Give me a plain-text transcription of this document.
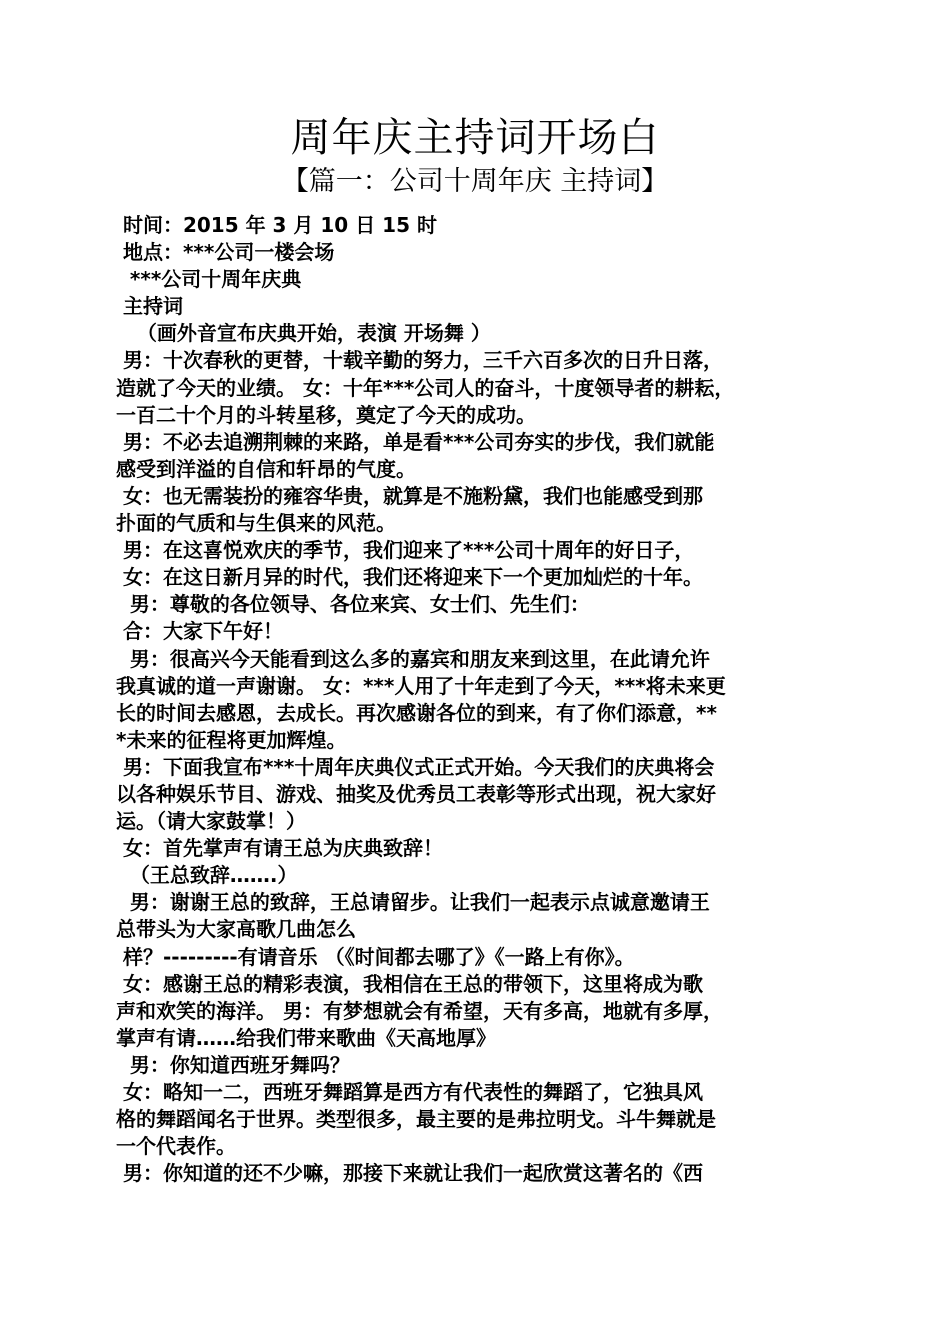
周年庆主持词开场白
【篇一：公司十周年庆 主持词】
时间：2015 年 3 月 10 日 15 时
地点：***公司一楼会场
***公司十周年庆典
主持词
（画外音宣布庆典开始，表演 开场舞 ）
男：十次春秋的更替，十载辛勤的努力，三千六百多次的日升日落，
造就了今天的业绩。 女：十年***公司人的奋斗，十度领导者的耕耘，
一百二十个月的斗转星移，奠定了今天的成功。
男：不必去追溯荆棘的来路，单是看***公司夯实的步伐，我们就能
感受到洋溢的自信和轩昂的气度。
女：也无需装扮的雍容华贵，就算是不施粉黛，我们也能感受到那
扑面的气质和与生俱来的风范。
男：在这喜悦欢庆的季节，我们迎来了***公司十周年的好日子，
女：在这日新月异的时代，我们还将迎来下一个更加灿烂的十年。
男：尊敬的各位领导、各位来宾、女士们、先生们：
合：大家下午好！
男：很高兴今天能看到这么多的嘉宾和朋友来到这里，在此请允许
我真诚的道一声谢谢。 女：***人用了十年走到了今天，***将未来更
长的时间去感恩，去成长。再次感谢各位的到来，有了你们添意，**
*未来的征程将更加辉煌。
男：下面我宣布***十周年庆典仪式正式开始。今天我们的庆典将会
以各种娱乐节目、游戏、抽奖及优秀员工表彰等形式出现，祝大家好
运。（请大家鼓掌！）
女：首先掌声有请王总为庆典致辞！
（王总致辞…….）
男：谢谢王总的致辞，王总请留步。让我们一起表示点诚意邀请王
总带头为大家高歌几曲怎么
样？---------有请音乐 （《时间都去哪了》《一路上有你》。
女：感谢王总的精彩表演，我相信在王总的带领下，这里将成为歌
声和欢笑的海洋。 男：有梦想就会有希望，天有多高，地就有多厚，
掌声有请……给我们带来歌曲《天高地厚》
男：你知道西班牙舞吗？
女：略知一二，西班牙舞蹈算是西方有代表性的舞蹈了，它独具风
格的舞蹈闻名于世界。类型很多，最主要的是弗拉明戈。斗牛舞就是
一个代表作。
男：你知道的还不少嘛，那接下来就让我们一起欣赏这著名的《西
